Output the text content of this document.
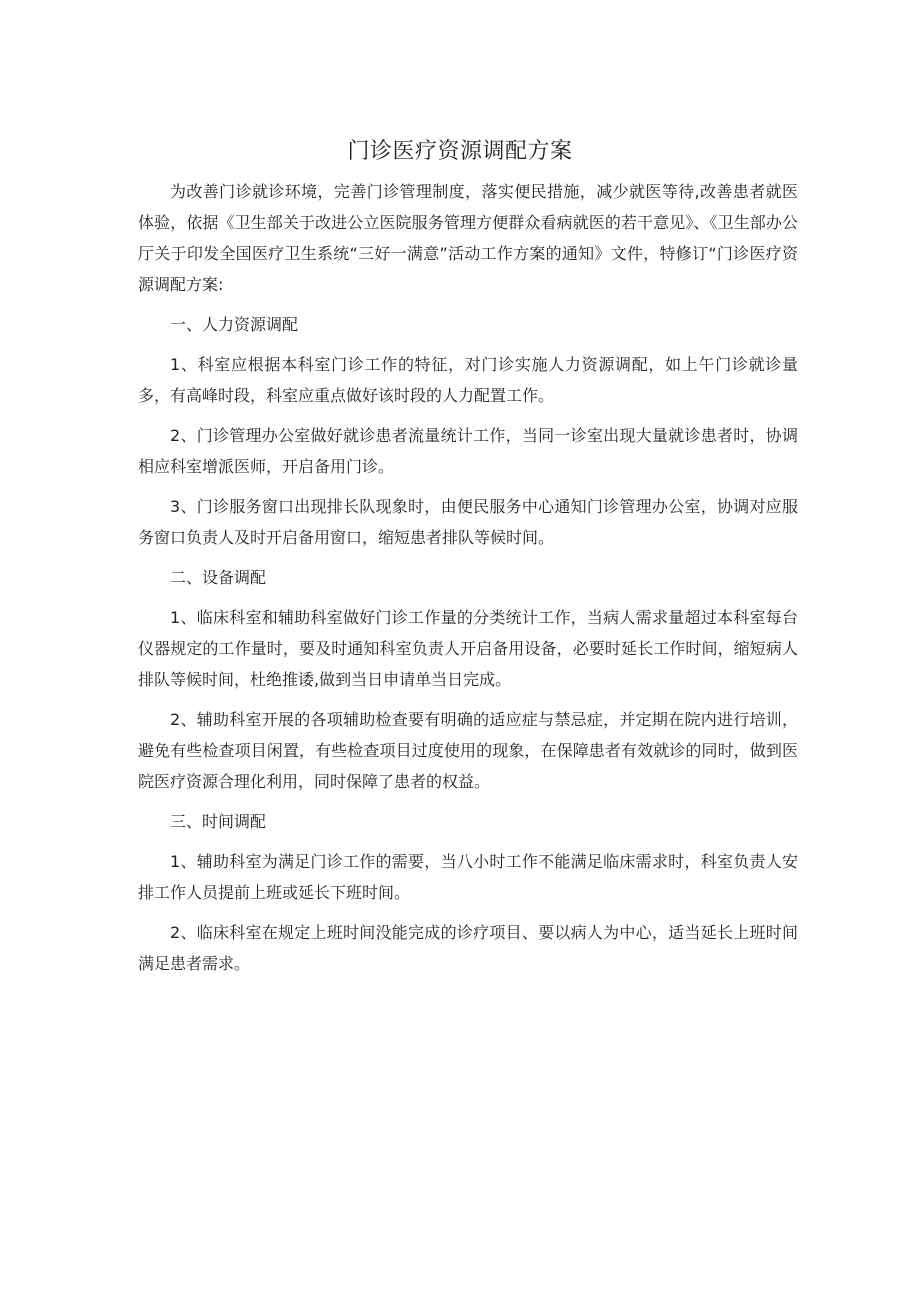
门诊医疗资源调配方案

为改善门诊就诊环境，完善门诊管理制度，落实便民措施，减少就医等待,改善患者就医体验，依据《卫生部关于改进公立医院服务管理方便群众看病就医的若干意见》、《卫生部办公厅关于印发全国医疗卫生系统“三好一满意”活动工作方案的通知》文件，特修订“门诊医疗资源调配方案:

一、人力资源调配

1、科室应根据本科室门诊工作的特征，对门诊实施人力资源调配，如上午门诊就诊量多，有高峰时段，科室应重点做好该时段的人力配置工作。

2、门诊管理办公室做好就诊患者流量统计工作，当同一诊室出现大量就诊患者时，协调相应科室增派医师，开启备用门诊。

3、门诊服务窗口出现排长队现象时，由便民服务中心通知门诊管理办公室，协调对应服务窗口负责人及时开启备用窗口，缩短患者排队等候时间。

二、设备调配

1、临床科室和辅助科室做好门诊工作量的分类统计工作，当病人需求量超过本科室每台仪器规定的工作量时，要及时通知科室负责人开启备用设备，必要时延长工作时间，缩短病人排队等候时间，杜绝推诿,做到当日申请单当日完成。

2、辅助科室开展的各项辅助检查要有明确的适应症与禁忌症，并定期在院内进行培训，避免有些检查项目闲置，有些检查项目过度使用的现象，在保障患者有效就诊的同时，做到医院医疗资源合理化利用，同时保障了患者的权益。

三、时间调配

1、辅助科室为满足门诊工作的需要，当八小时工作不能满足临床需求时，科室负责人安排工作人员提前上班或延长下班时间。

2、临床科室在规定上班时间没能完成的诊疗项目、要以病人为中心，适当延长上班时间满足患者需求。
